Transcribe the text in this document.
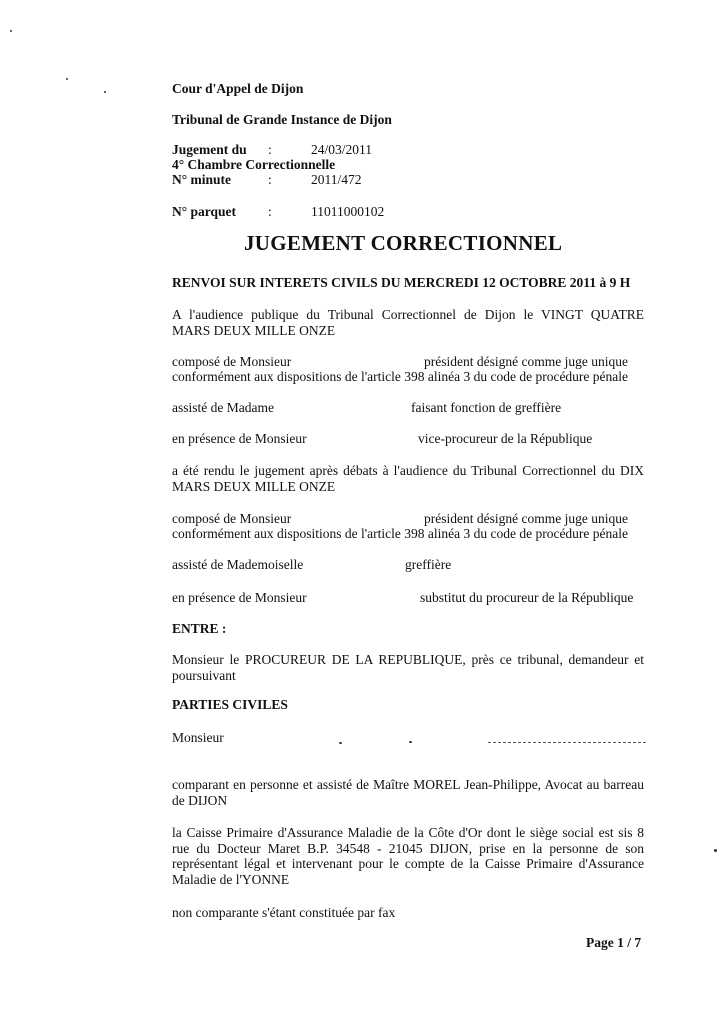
Cour d'Appel de Dijon
Tribunal de Grande Instance de Dijon
Jugement du :	24/03/2011
4° Chambre Correctionnelle
N° minute	:	2011/472
N° parquet :	11011000102
JUGEMENT CORRECTIONNEL
RENVOI SUR INTERETS CIVILS DU MERCREDI 12 OCTOBRE 2011 à 9 H
A l'audience publique du Tribunal Correctionnel de Dijon le VINGT QUATRE
MARS DEUX MILLE ONZE
composé de Monsieur	président désigné comme juge unique
conformément aux dispositions de l'article 398 alinéa 3 du code de procédure pénale
assisté de Madame	faisant fonction de greffière
en présence de Monsieur	vice-procureur de la République
a été rendu le jugement après débats à l'audience du Tribunal Correctionnel du DIX
MARS DEUX MILLE ONZE
composé de Monsieur	président désigné comme juge unique
conformément aux dispositions de l'article 398 alinéa 3 du code de procédure pénale
assisté de Mademoiselle	greffière
en présence de Monsieur	substitut du procureur de la République
ENTRE :
Monsieur le PROCUREUR DE LA REPUBLIQUE, près ce tribunal, demandeur et
poursuivant
PARTIES CIVILES
Monsieur
comparant en personne et assisté de Maître MOREL Jean-Philippe, Avocat au barreau
de DIJON
la Caisse Primaire d'Assurance Maladie de la Côte d'Or dont le siège social est sis 8
rue du Docteur Maret B.P. 34548 - 21045 DIJON, prise en la personne de son
représentant légal et intervenant pour le compte de la Caisse Primaire d'Assurance
Maladie de l'YONNE
non comparante s'étant constituée par fax
Page 1 / 7
